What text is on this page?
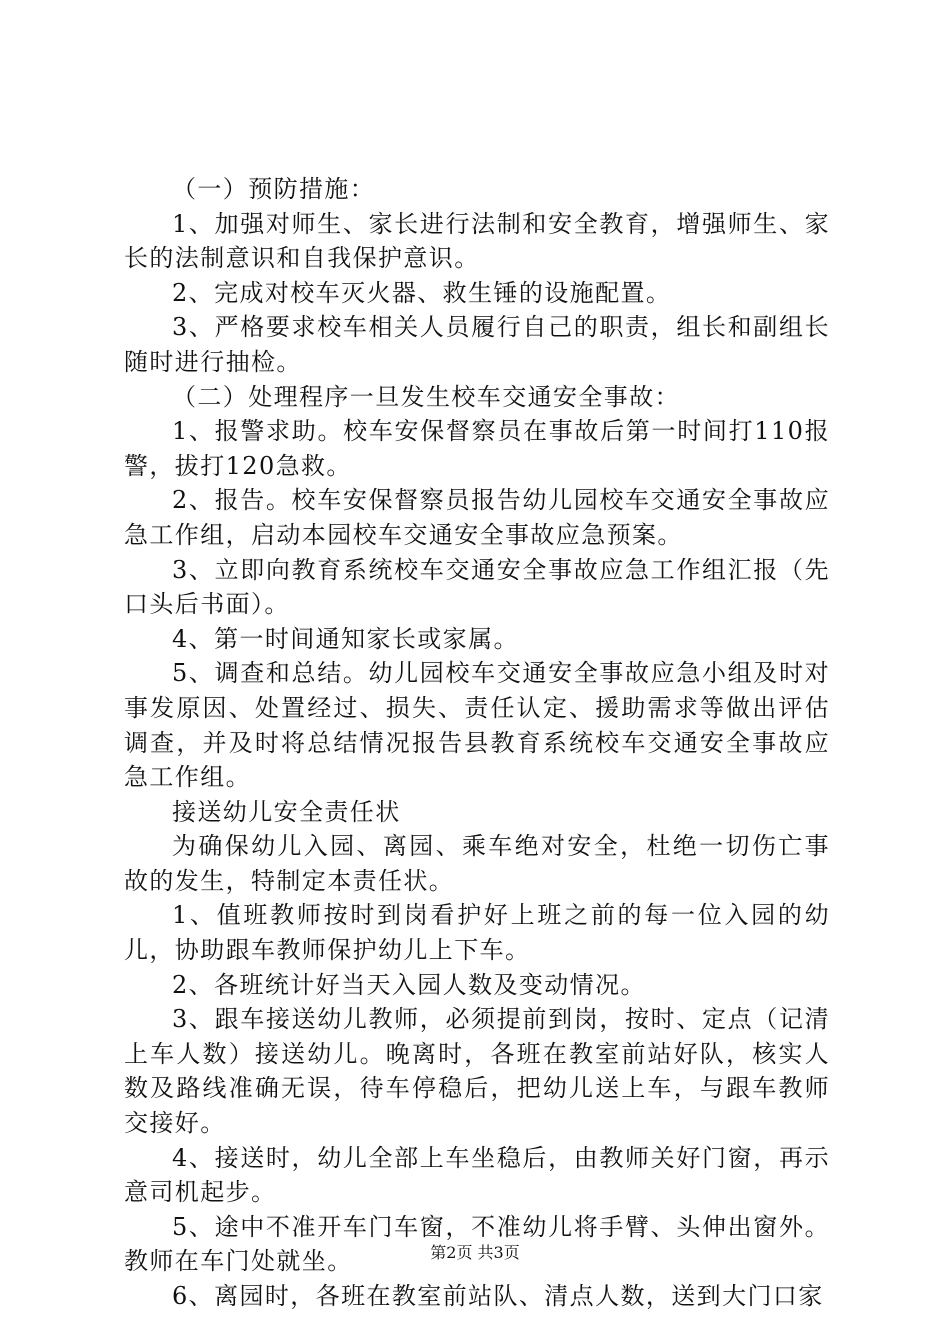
（一）预防措施：

1、加强对师生、家长进行法制和安全教育，增强师生、家长的法制意识和自我保护意识。

2、完成对校车灭火器、救生锤的设施配置。

3、严格要求校车相关人员履行自己的职责，组长和副组长随时进行抽检。

（二）处理程序一旦发生校车交通安全事故：

1、报警求助。校车安保督察员在事故后第一时间打110报警，拔打120急救。

2、报告。校车安保督察员报告幼儿园校车交通安全事故应急工作组，启动本园校车交通安全事故应急预案。

3、立即向教育系统校车交通安全事故应急工作组汇报（先口头后书面）。

4、第一时间通知家长或家属。

5、调查和总结。幼儿园校车交通安全事故应急小组及时对事发原因、处置经过、损失、责任认定、援助需求等做出评估调查，并及时将总结情况报告县教育系统校车交通安全事故应急工作组。

接送幼儿安全责任状

为确保幼儿入园、离园、乘车绝对安全，杜绝一切伤亡事故的发生，特制定本责任状。

1、值班教师按时到岗看护好上班之前的每一位入园的幼儿，协助跟车教师保护幼儿上下车。

2、各班统计好当天入园人数及变动情况。

3、跟车接送幼儿教师，必须提前到岗，按时、定点（记清上车人数）接送幼儿。晚离时，各班在教室前站好队，核实人数及路线准确无误，待车停稳后，把幼儿送上车，与跟车教师交接好。

4、接送时，幼儿全部上车坐稳后，由教师关好门窗，再示意司机起步。

5、途中不准开车门车窗，不准幼儿将手臂、头伸出窗外。教师在车门处就坐。

6、离园时，各班在教室前站队、清点人数，送到大门口家

第2页 共3页
